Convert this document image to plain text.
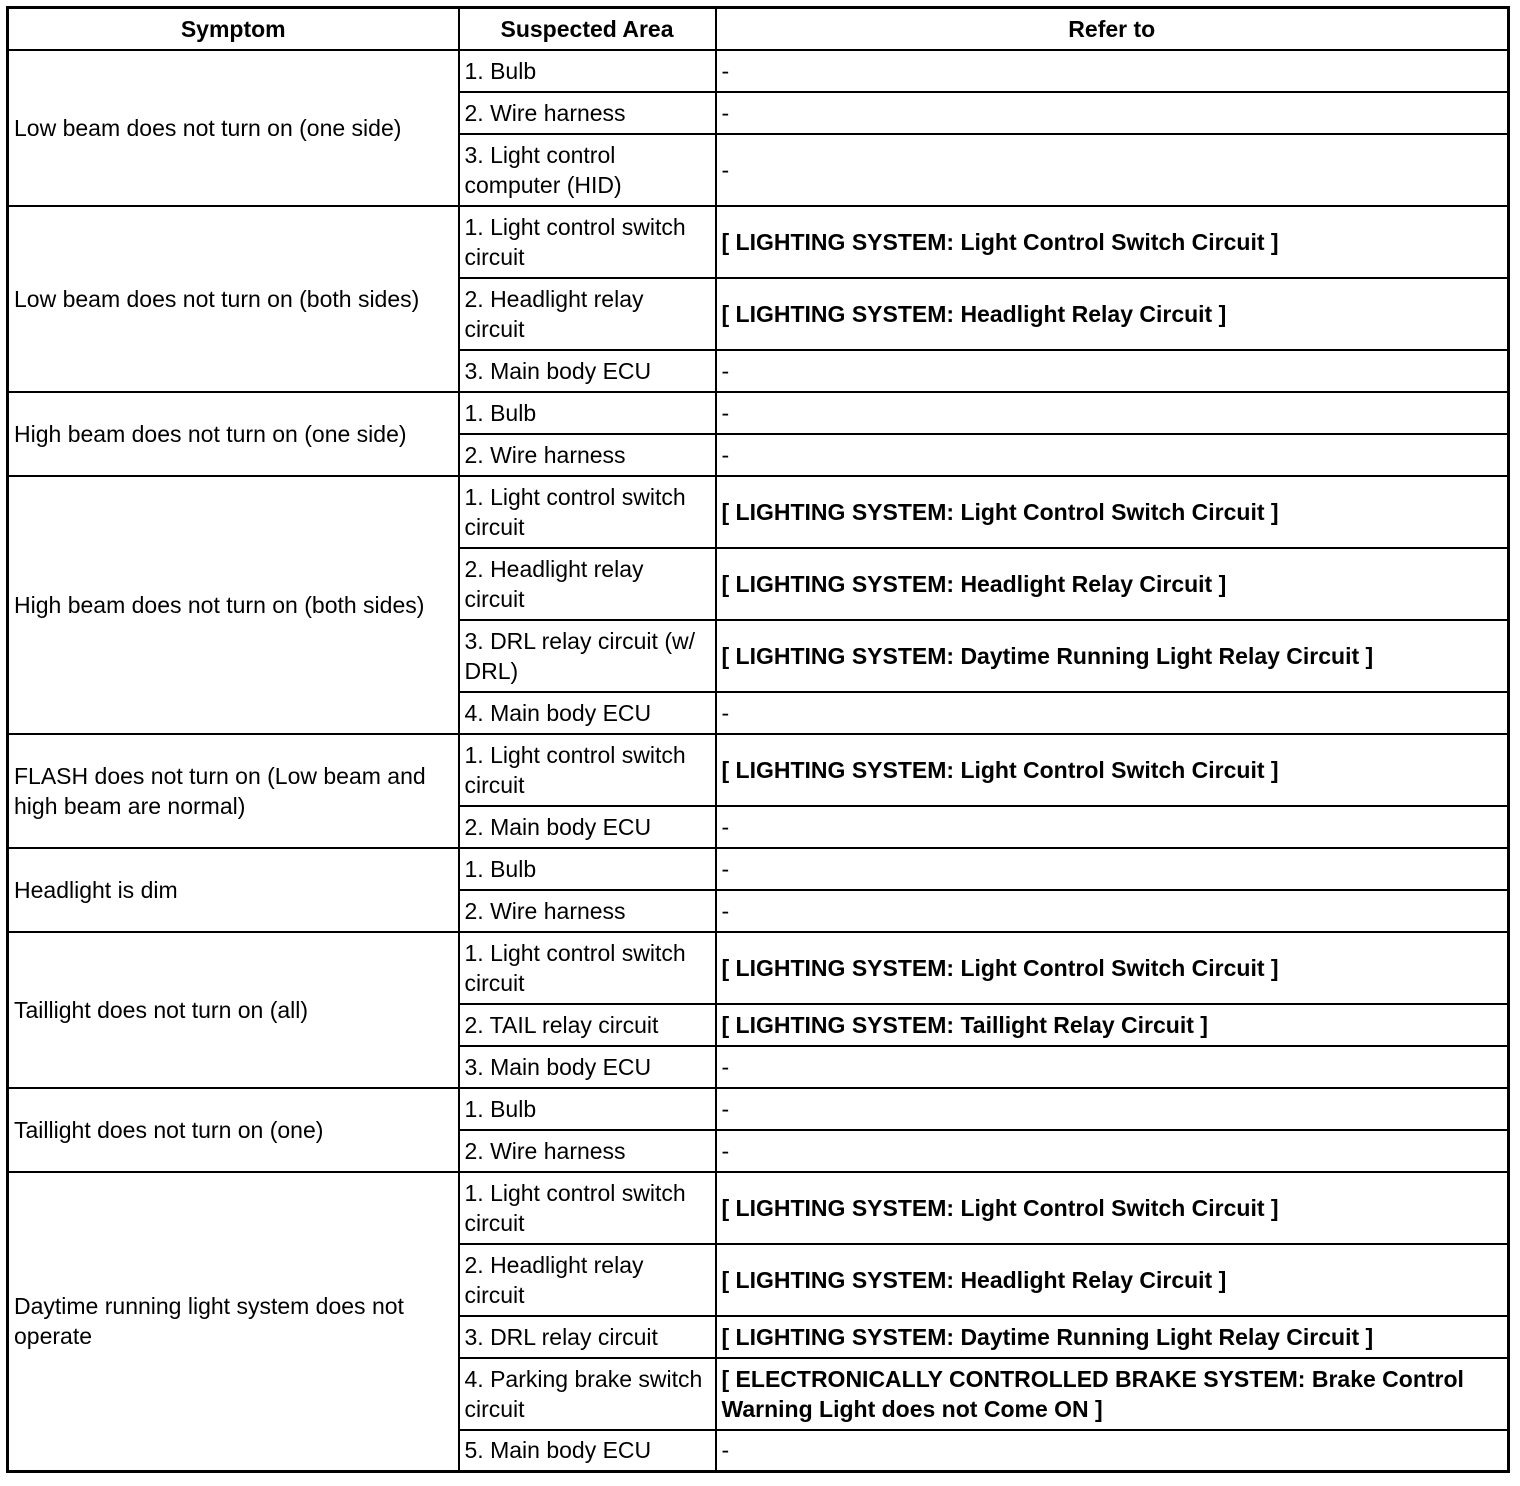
Symptom	Suspected Area	Refer to
Low beam does not turn on (one side)	1. Bulb	-
	2. Wire harness	-
	3. Light control computer (HID)	-
Low beam does not turn on (both sides)	1. Light control switch circuit	[ LIGHTING SYSTEM: Light Control Switch Circuit ]
	2. Headlight relay circuit	[ LIGHTING SYSTEM: Headlight Relay Circuit ]
	3. Main body ECU	-
High beam does not turn on (one side)	1. Bulb	-
	2. Wire harness	-
High beam does not turn on (both sides)	1. Light control switch circuit	[ LIGHTING SYSTEM: Light Control Switch Circuit ]
	2. Headlight relay circuit	[ LIGHTING SYSTEM: Headlight Relay Circuit ]
	3. DRL relay circuit (w/ DRL)	[ LIGHTING SYSTEM: Daytime Running Light Relay Circuit ]
	4. Main body ECU	-
FLASH does not turn on (Low beam and high beam are normal)	1. Light control switch circuit	[ LIGHTING SYSTEM: Light Control Switch Circuit ]
	2. Main body ECU	-
Headlight is dim	1. Bulb	-
	2. Wire harness	-
Taillight does not turn on (all)	1. Light control switch circuit	[ LIGHTING SYSTEM: Light Control Switch Circuit ]
	2. TAIL relay circuit	[ LIGHTING SYSTEM: Taillight Relay Circuit ]
	3. Main body ECU	-
Taillight does not turn on (one)	1. Bulb	-
	2. Wire harness	-
Daytime running light system does not operate	1. Light control switch circuit	[ LIGHTING SYSTEM: Light Control Switch Circuit ]
	2. Headlight relay circuit	[ LIGHTING SYSTEM: Headlight Relay Circuit ]
	3. DRL relay circuit	[ LIGHTING SYSTEM: Daytime Running Light Relay Circuit ]
	4. Parking brake switch circuit	[ ELECTRONICALLY CONTROLLED BRAKE SYSTEM: Brake Control Warning Light does not Come ON ]
	5. Main body ECU	-
